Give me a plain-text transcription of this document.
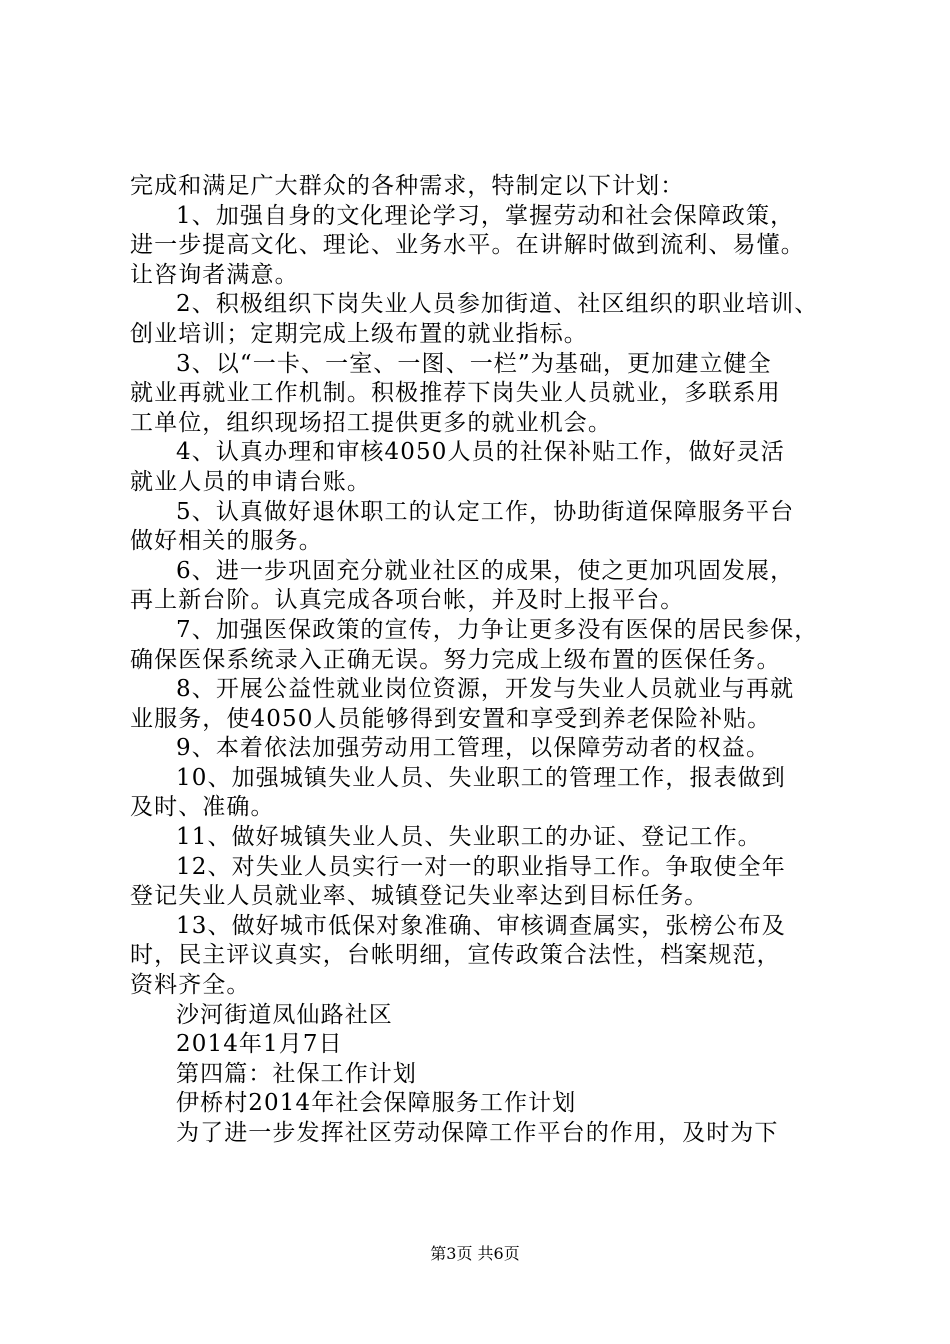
完成和满足广大群众的各种需求，特制定以下计划：
1、加强自身的文化理论学习，掌握劳动和社会保障政策，
进一步提高文化、理论、业务水平。在讲解时做到流利、易懂。
让咨询者满意。
2、积极组织下岗失业人员参加街道、社区组织的职业培训、
创业培训；定期完成上级布置的就业指标。
3、以“一卡、一室、一图、一栏”为基础，更加建立健全
就业再就业工作机制。积极推荐下岗失业人员就业，多联系用
工单位，组织现场招工提供更多的就业机会。
4、认真办理和审核4050人员的社保补贴工作，做好灵活
就业人员的申请台账。
5、认真做好退休职工的认定工作，协助街道保障服务平台
做好相关的服务。
6、进一步巩固充分就业社区的成果，使之更加巩固发展，
再上新台阶。认真完成各项台帐，并及时上报平台。
7、加强医保政策的宣传，力争让更多没有医保的居民参保，
确保医保系统录入正确无误。努力完成上级布置的医保任务。
8、开展公益性就业岗位资源，开发与失业人员就业与再就
业服务，使4050人员能够得到安置和享受到养老保险补贴。
9、本着依法加强劳动用工管理，以保障劳动者的权益。
10、加强城镇失业人员、失业职工的管理工作，报表做到
及时、准确。
11、做好城镇失业人员、失业职工的办证、登记工作。
12、对失业人员实行一对一的职业指导工作。争取使全年
登记失业人员就业率、城镇登记失业率达到目标任务。
13、做好城市低保对象准确、审核调查属实，张榜公布及
时，民主评议真实，台帐明细，宣传政策合法性，档案规范，
资料齐全。
沙河街道凤仙路社区
2014年1月7日
第四篇：社保工作计划
伊桥村2014年社会保障服务工作计划
为了进一步发挥社区劳动保障工作平台的作用，及时为下
第3页 共6页
